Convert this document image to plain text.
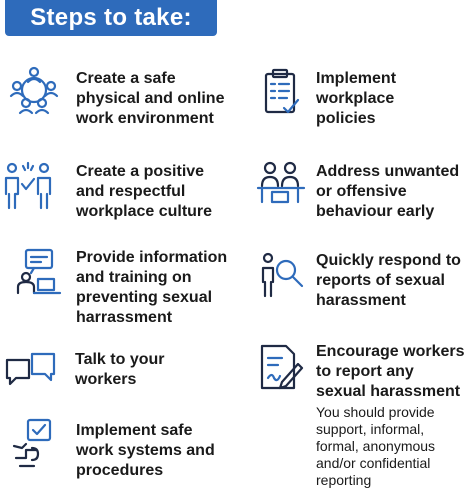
Steps to take:
Create a safe
physical and online
work environment
Create a positive
and respectful
workplace culture
Provide information
and training on
preventing sexual
harrassment
Talk to your
workers
Implement safe
work systems and
procedures
Implement
workplace
policies
Address unwanted
or offensive
behaviour early
Quickly respond to
reports of sexual
harassment
Encourage workers
to report any
sexual harassment
You should provide
support, informal,
formal, anonymous
and/or confidential
reporting
